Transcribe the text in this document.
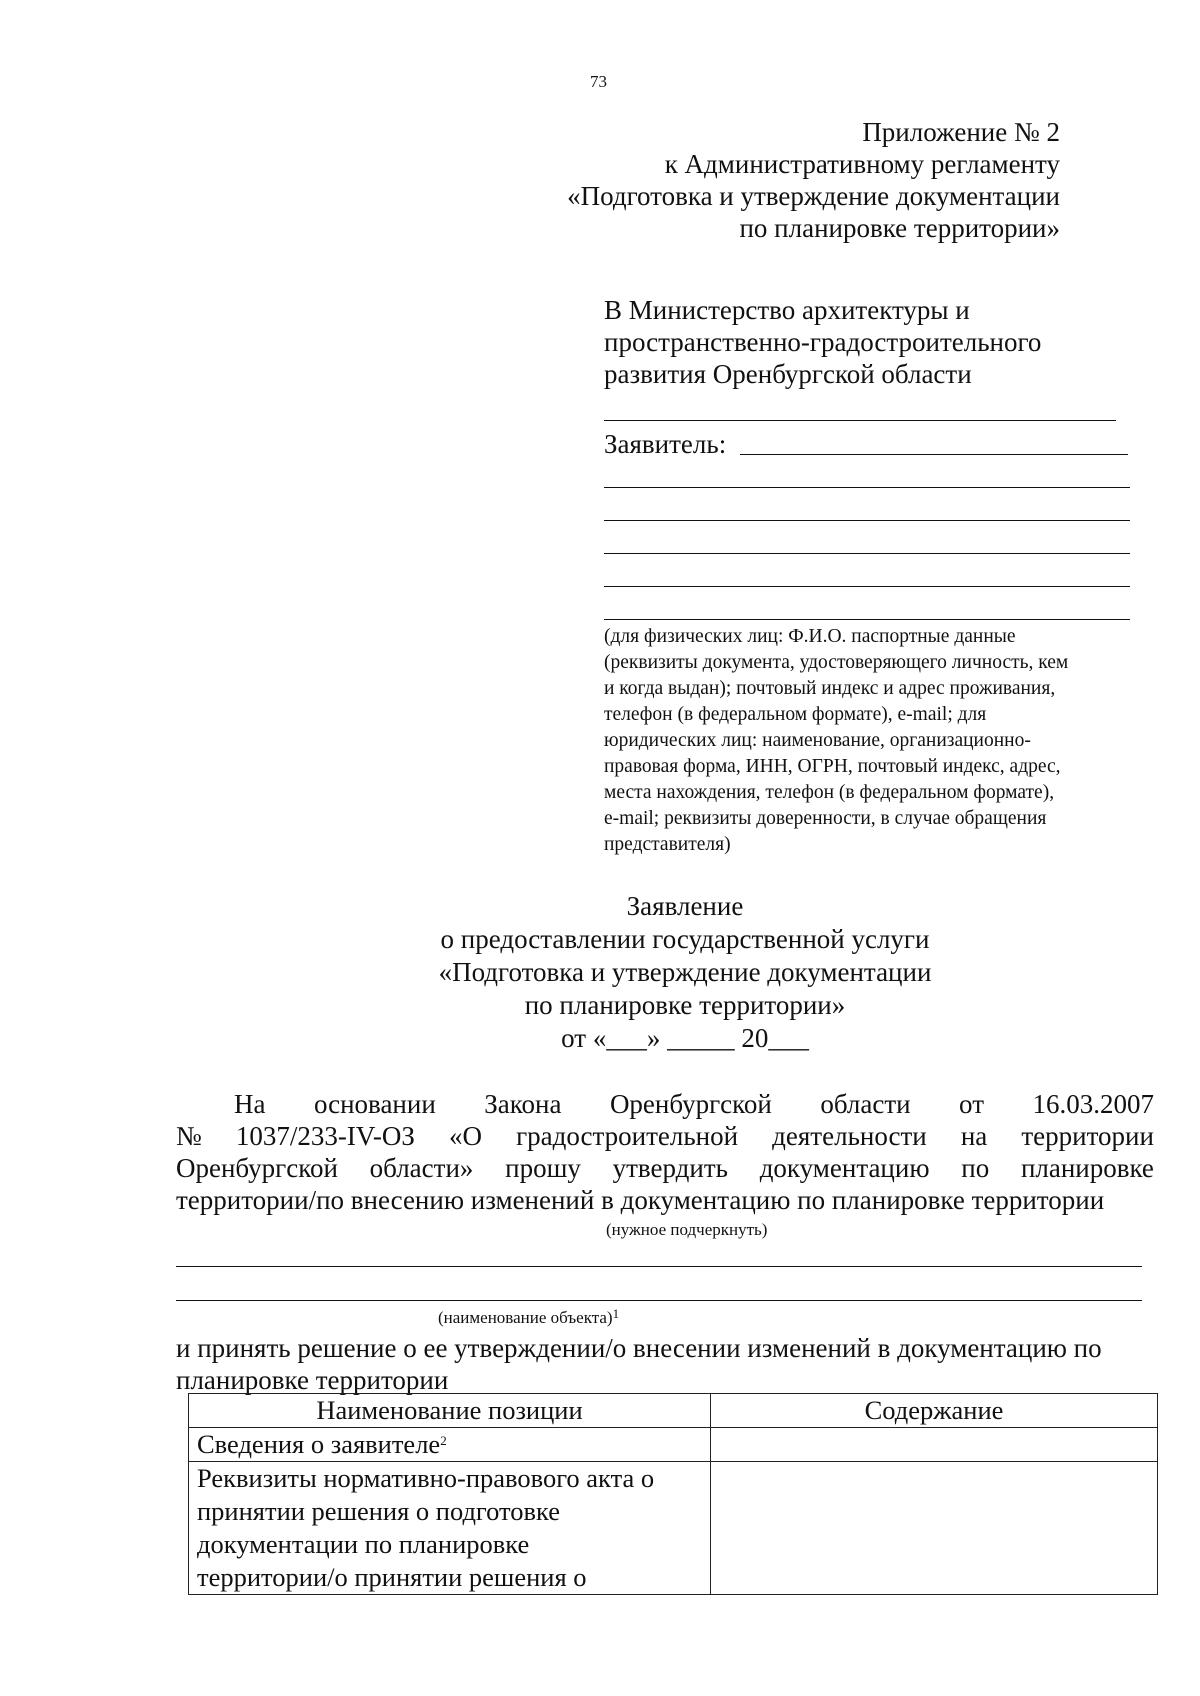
73
Приложение № 2
к Административному регламенту
«Подготовка и утверждение документации
по планировке территории»
В Министерство архитектуры и
пространственно-градостроительного
развития Оренбургской области
Заявитель:
(для физических лиц: Ф.И.О. паспортные данные
(реквизиты документа, удостоверяющего личность, кем
и когда выдан); почтовый индекс и адрес проживания,
телефон (в федеральном формате), e-mail; для
юридических лиц: наименование, организационно-
правовая форма, ИНН, ОГРН, почтовый индекс, адрес,
места нахождения, телефон (в федеральном формате),
e-mail; реквизиты доверенности, в случае обращения
представителя)
Заявление
о предоставлении государственной услуги
«Подготовка и утверждение документации
по планировке территории»
от «___» _____ 20___
На основании Закона Оренбургской области от 16.03.2007
№ 1037/233-IV-ОЗ «О градостроительной деятельности на территории
Оренбургской области» прошу утвердить документацию по планировке
территории/по внесению изменений в документацию по планировке территории
(нужное подчеркнуть)
(наименование объекта)$^1$
и принять решение о ее утверждении/о внесении изменений в документацию по
планировке территории
Наименование позиции	Содержание
Сведения о заявителе$^2$	

Реквизиты нормативно-правового акта о
принятии решения о подготовке
документации по планировке
территории/о принятии решения о	
